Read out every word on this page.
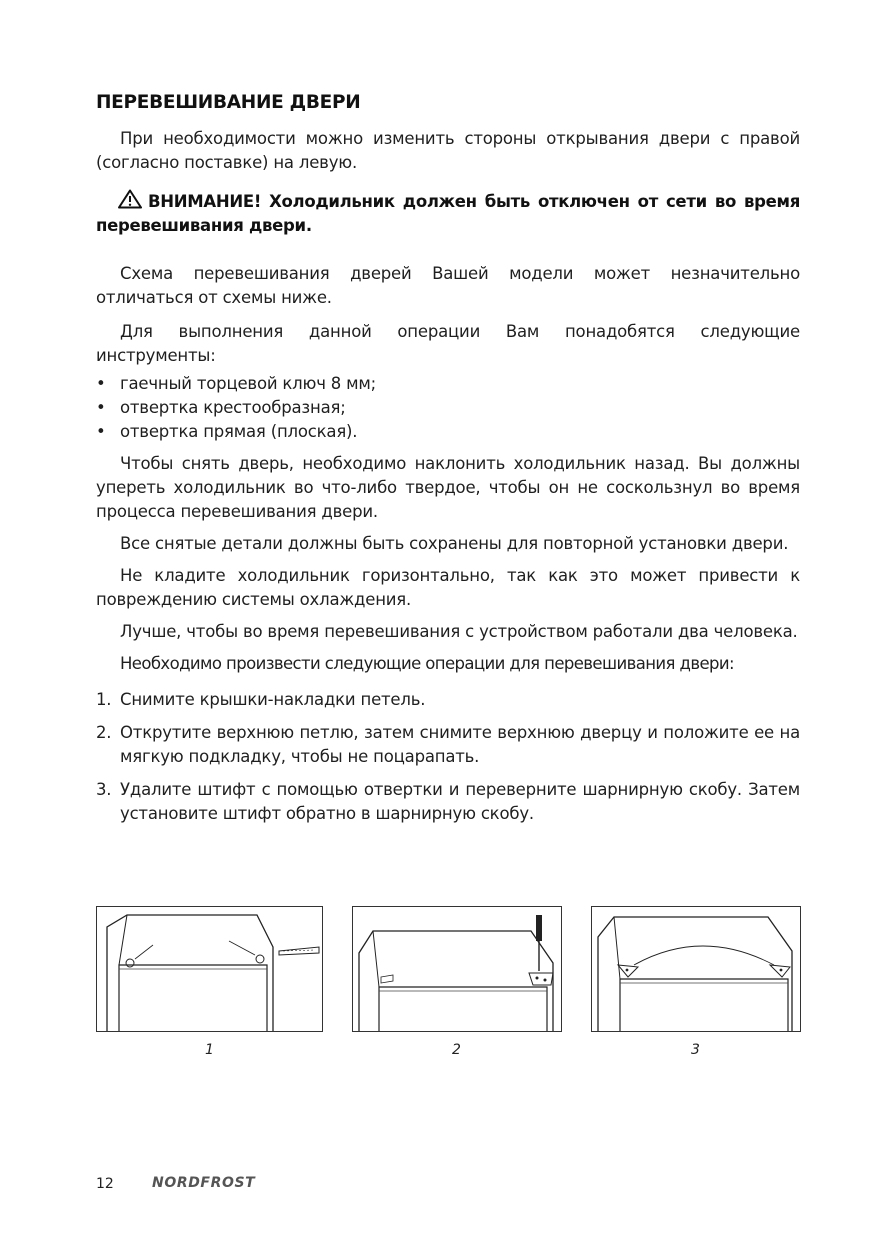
ПЕРЕВЕШИВАНИЕ ДВЕРИ

При необходимости можно изменить стороны открывания двери с правой (согласно поставке) на левую.

ВНИМАНИЕ! Холодильник должен быть отключен от сети во время перевешивания двери.

Схема перевешивания дверей Вашей модели может незначительно отличаться от схемы ниже.

Для выполнения данной операции Вам понадобятся следующие инструменты:

• гаечный торцевой ключ 8 мм;
• отвертка крестообразная;
• отвертка прямая (плоская).

Чтобы снять дверь, необходимо наклонить холодильник назад. Вы должны упереть холодильник во что-либо твердое, чтобы он не соскользнул во время процесса перевешивания двери.

Все снятые детали должны быть сохранены для повторной установки двери.

Не кладите холодильник горизонтально, так как это может привести к повреждению системы охлаждения.

Лучше, чтобы во время перевешивания с устройством работали два человека.

Необходимо произвести следующие операции для перевешивания двери:

1. Снимите крышки-накладки петель.
2. Открутите верхнюю петлю, затем снимите верхнюю дверцу и положите ее на мягкую подкладку, чтобы не поцарапать.
3. Удалите штифт с помощью отвертки и переверните шарнирную скобу. Затем установите штифт обратно в шарнирную скобу.
1	2	3
12	NORDFROST
